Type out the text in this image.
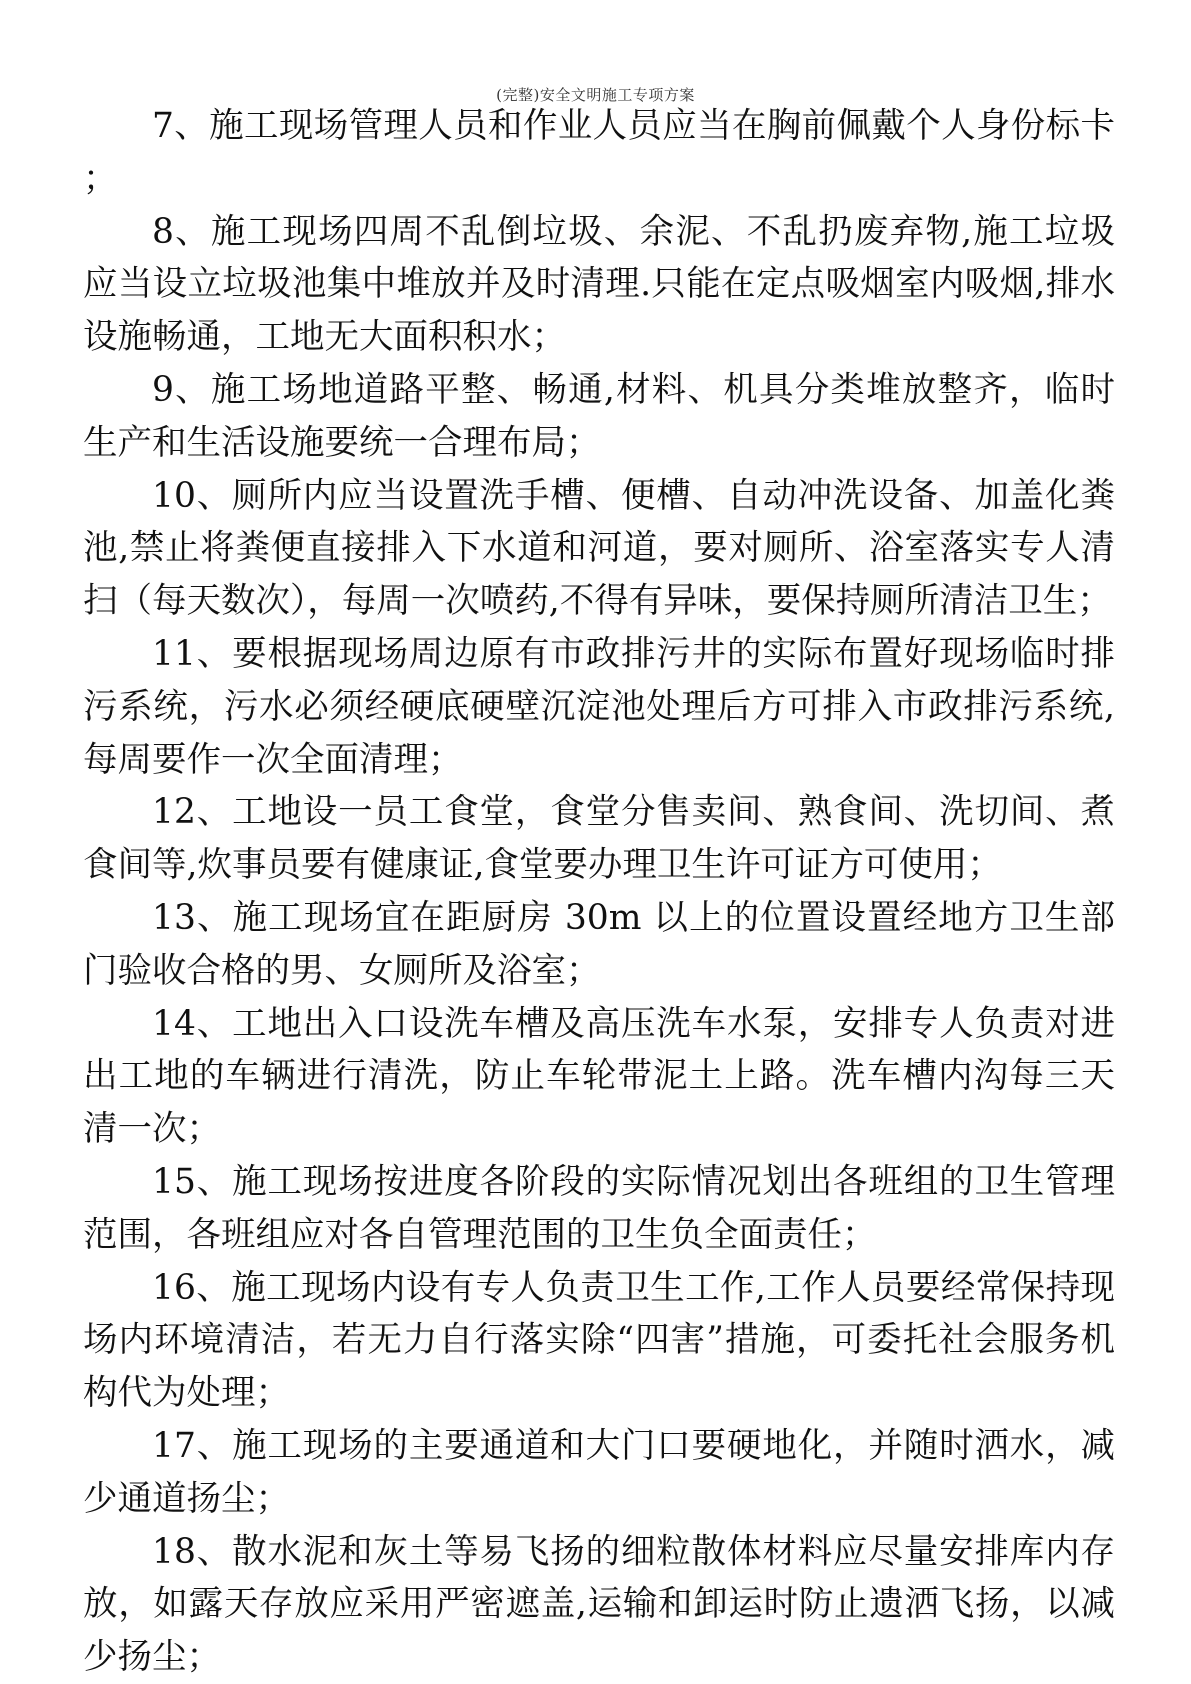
(完整)安全文明施工专项方案

7、施工现场管理人员和作业人员应当在胸前佩戴个人身份标卡；

8、施工现场四周不乱倒垃圾、余泥、不乱扔废弃物,施工垃圾应当设立垃圾池集中堆放并及时清理.只能在定点吸烟室内吸烟,排水设施畅通，工地无大面积积水；

9、施工场地道路平整、畅通,材料、机具分类堆放整齐，临时生产和生活设施要统一合理布局；

10、厕所内应当设置洗手槽、便槽、自动冲洗设备、加盖化粪池,禁止将粪便直接排入下水道和河道，要对厕所、浴室落实专人清扫（每天数次），每周一次喷药,不得有异味，要保持厕所清洁卫生；

11、要根据现场周边原有市政排污井的实际布置好现场临时排污系统，污水必须经硬底硬壁沉淀池处理后方可排入市政排污系统,每周要作一次全面清理；

12、工地设一员工食堂，食堂分售卖间、熟食间、洗切间、煮食间等,炊事员要有健康证,食堂要办理卫生许可证方可使用；

13、施工现场宜在距厨房 30m 以上的位置设置经地方卫生部门验收合格的男、女厕所及浴室；

14、工地出入口设洗车槽及高压洗车水泵，安排专人负责对进出工地的车辆进行清洗，防止车轮带泥土上路。洗车槽内沟每三天清一次；

15、施工现场按进度各阶段的实际情况划出各班组的卫生管理范围，各班组应对各自管理范围的卫生负全面责任；

16、施工现场内设有专人负责卫生工作,工作人员要经常保持现场内环境清洁，若无力自行落实除“四害”措施，可委托社会服务机构代为处理；

17、施工现场的主要通道和大门口要硬地化，并随时洒水，减少通道扬尘；

18、散水泥和灰土等易飞扬的细粒散体材料应尽量安排库内存放，如露天存放应采用严密遮盖,运输和卸运时防止遗洒飞扬，以减少扬尘；
